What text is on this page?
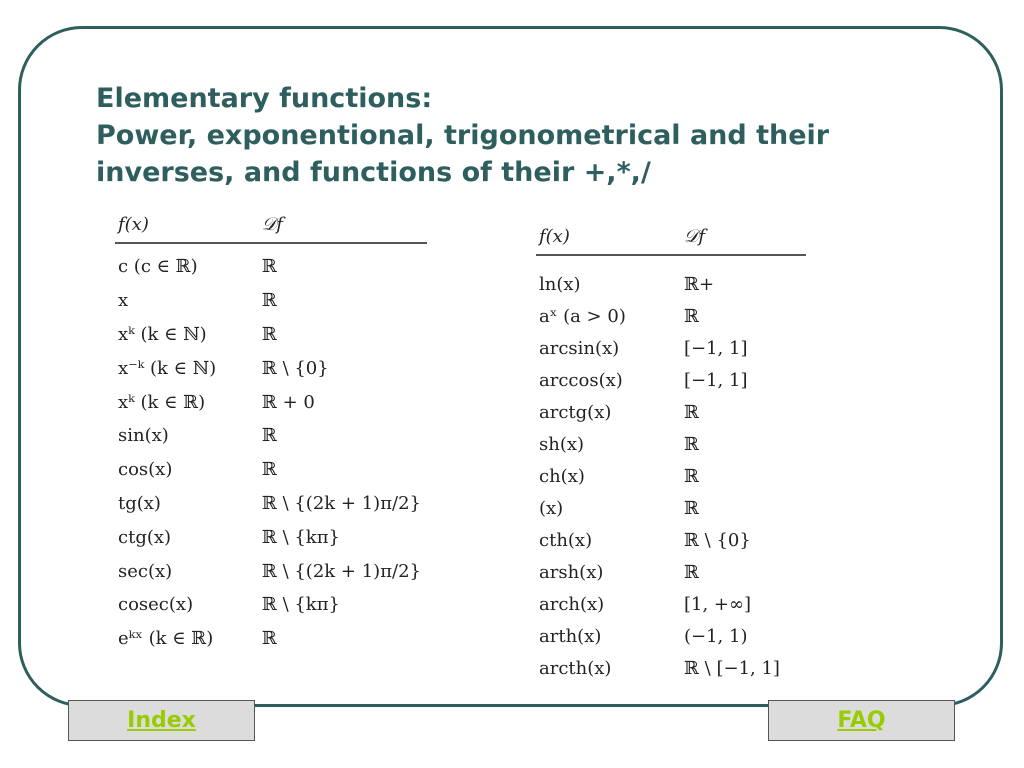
Elementary functions:
Power, exponentional, trigonometrical and their
inverses, and functions of their +,*,/
f(x)	𝒟f
c (c ∈ ℝ)	ℝ
x	ℝ
xᵏ (k ∈ ℕ)	ℝ
x⁻ᵏ (k ∈ ℕ)	ℝ \ {0}
xᵏ (k ∈ ℝ)	ℝ + 0
sin(x)	ℝ
cos(x)	ℝ
tg(x)	ℝ \ {(2k + 1)π/2}
ctg(x)	ℝ \ {kπ}
sec(x)	ℝ \ {(2k + 1)π/2}
cosec(x)	ℝ \ {kπ}
eᵏˣ (k ∈ ℝ)	ℝ
f(x)	𝒟f
ln(x)	ℝ+
aˣ (a > 0)	ℝ
arcsin(x)	[−1, 1]
arccos(x)	[−1, 1]
arctg(x)	ℝ
sh(x)	ℝ
ch(x)	ℝ
(x)	ℝ
cth(x)	ℝ \ {0}
arsh(x)	ℝ
arch(x)	[1, +∞]
arth(x)	(−1, 1)
arcth(x)	ℝ \ [−1, 1]
Index	FAQ
